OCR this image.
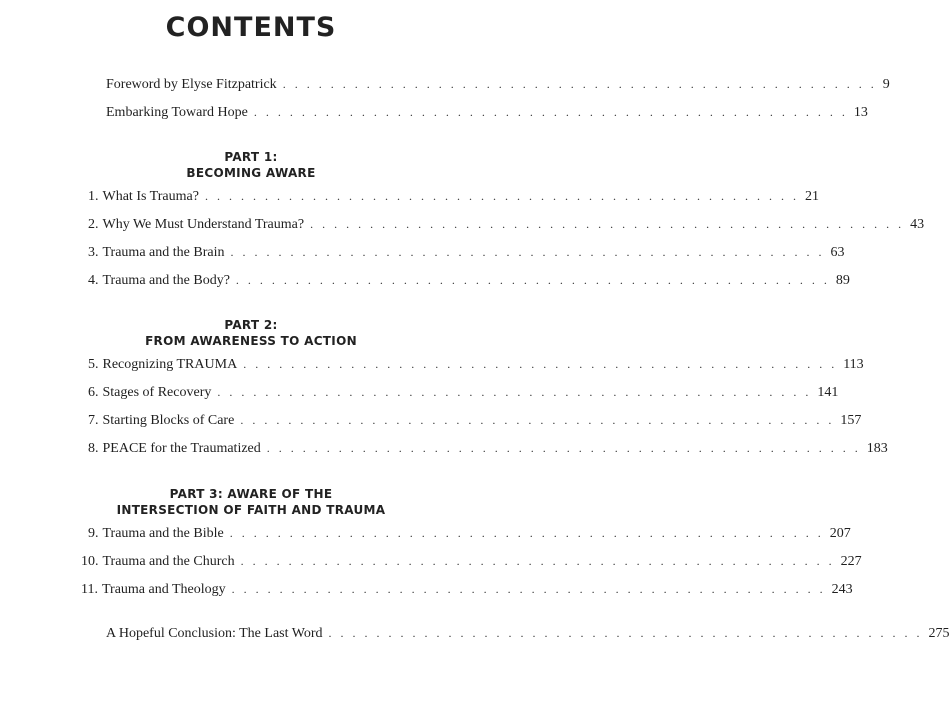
CONTENTS
Foreword by Elyse Fitzpatrick . . . . . . . . . . . . . . . . . . . . . . . . . . . . . . . . . . . . . . . . . . . . . . . . . . 9
Embarking Toward Hope . . . . . . . . . . . . . . . . . . . . . . . . . . . . . . . . . . . . . . . . . . . . . . . . . . 13
PART 1:
BECOMING AWARE
1. What Is Trauma? . . . . . . . . . . . . . . . . . . . . . . . . . . . . . . . . . . . . . . . . . . . . . . . . . . 21
2. Why We Must Understand Trauma? . . . . . . . . . . . . . . . . . . . . . . . . . . . . . . . . . . . . . . . . . . . . . . . . . . 43
3. Trauma and the Brain . . . . . . . . . . . . . . . . . . . . . . . . . . . . . . . . . . . . . . . . . . . . . . . . . . 63
4. Trauma and the Body? . . . . . . . . . . . . . . . . . . . . . . . . . . . . . . . . . . . . . . . . . . . . . . . . . . 89
PART 2:
FROM AWARENESS TO ACTION
5. Recognizing TRAUMA . . . . . . . . . . . . . . . . . . . . . . . . . . . . . . . . . . . . . . . . . . . . . . . . . . 113
6. Stages of Recovery . . . . . . . . . . . . . . . . . . . . . . . . . . . . . . . . . . . . . . . . . . . . . . . . . . 141
7. Starting Blocks of Care . . . . . . . . . . . . . . . . . . . . . . . . . . . . . . . . . . . . . . . . . . . . . . . . . . 157
8. PEACE for the Traumatized . . . . . . . . . . . . . . . . . . . . . . . . . . . . . . . . . . . . . . . . . . . . . . . . . . 183
PART 3: AWARE OF THE
INTERSECTION OF FAITH AND TRAUMA
9. Trauma and the Bible . . . . . . . . . . . . . . . . . . . . . . . . . . . . . . . . . . . . . . . . . . . . . . . . . . 207
10. Trauma and the Church . . . . . . . . . . . . . . . . . . . . . . . . . . . . . . . . . . . . . . . . . . . . . . . . . . 227
11. Trauma and Theology . . . . . . . . . . . . . . . . . . . . . . . . . . . . . . . . . . . . . . . . . . . . . . . . . . 243
A Hopeful Conclusion: The Last Word . . . . . . . . . . . . . . . . . . . . . . . . . . . . . . . . . . . . . . . . . . . . . . . . . . 275
